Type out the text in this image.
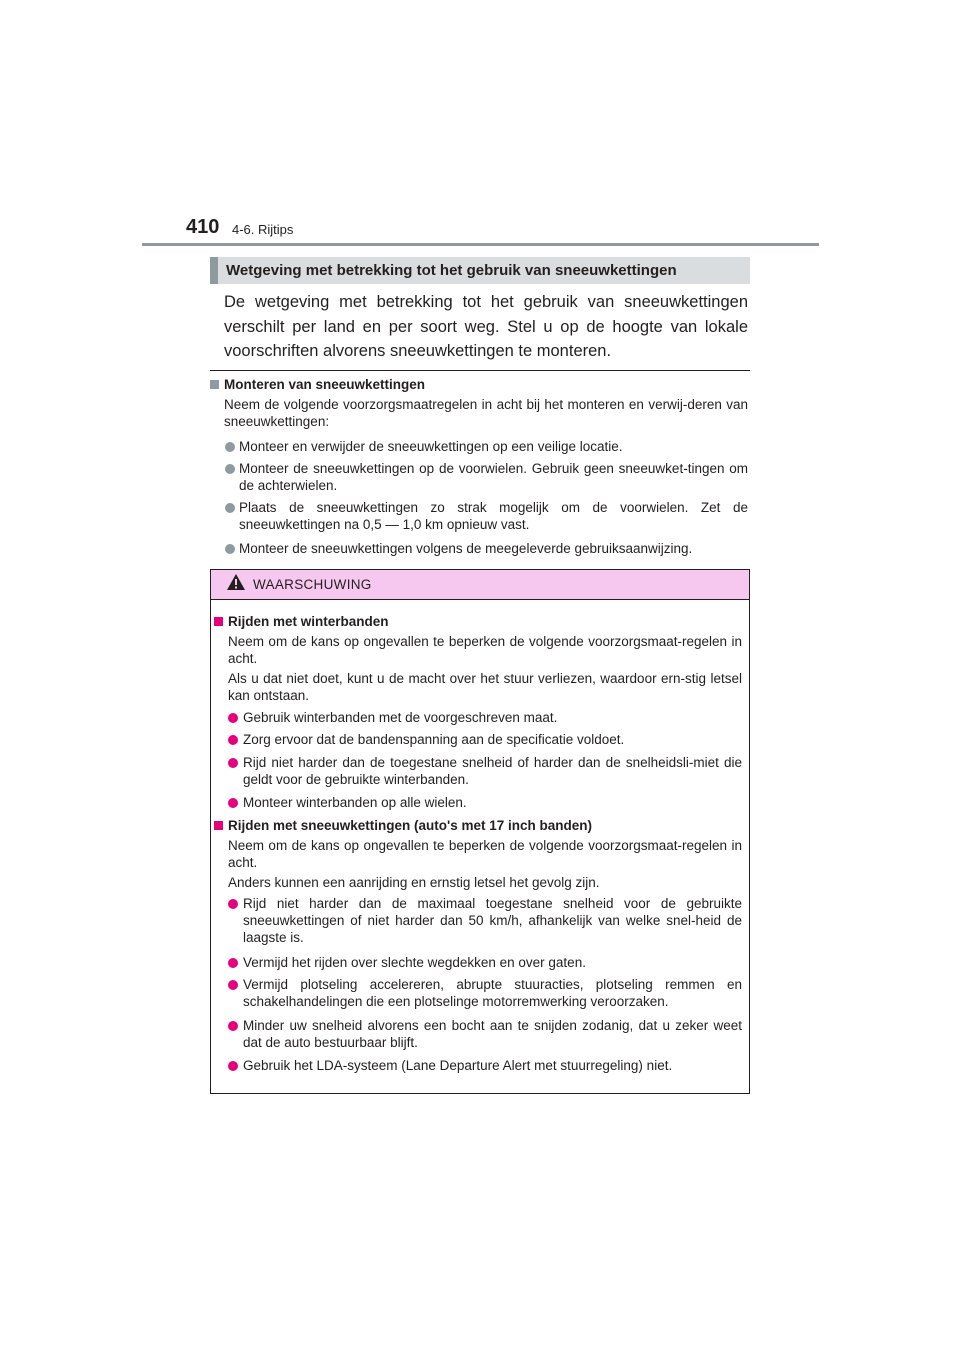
410 4-6. Rijtips
Wetgeving met betrekking tot het gebruik van sneeuwkettingen
De wetgeving met betrekking tot het gebruik van sneeuwkettingen verschilt per land en per soort weg. Stel u op de hoogte van lokale voorschriften alvorens sneeuwkettingen te monteren.
Monteren van sneeuwkettingen
Neem de volgende voorzorgsmaatregelen in acht bij het monteren en verwij-deren van sneeuwkettingen:
Monteer en verwijder de sneeuwkettingen op een veilige locatie.
Monteer de sneeuwkettingen op de voorwielen. Gebruik geen sneeuwket-tingen om de achterwielen.
Plaats de sneeuwkettingen zo strak mogelijk om de voorwielen. Zet de sneeuwkettingen na 0,5 — 1,0 km opnieuw vast.
Monteer de sneeuwkettingen volgens de meegeleverde gebruiksaanwijzing.
WAARSCHUWING
Rijden met winterbanden
Neem om de kans op ongevallen te beperken de volgende voorzorgsmaat-regelen in acht.
Als u dat niet doet, kunt u de macht over het stuur verliezen, waardoor ern-stig letsel kan ontstaan.
Gebruik winterbanden met de voorgeschreven maat.
Zorg ervoor dat de bandenspanning aan de specificatie voldoet.
Rijd niet harder dan de toegestane snelheid of harder dan de snelheidsli-miet die geldt voor de gebruikte winterbanden.
Monteer winterbanden op alle wielen.
Rijden met sneeuwkettingen (auto's met 17 inch banden)
Neem om de kans op ongevallen te beperken de volgende voorzorgsmaat-regelen in acht.
Anders kunnen een aanrijding en ernstig letsel het gevolg zijn.
Rijd niet harder dan de maximaal toegestane snelheid voor de gebruikte sneeuwkettingen of niet harder dan 50 km/h, afhankelijk van welke snel-heid de laagste is.
Vermijd het rijden over slechte wegdekken en over gaten.
Vermijd plotseling accelereren, abrupte stuuracties, plotseling remmen en schakelhandelingen die een plotselinge motorremwerking veroorzaken.
Minder uw snelheid alvorens een bocht aan te snijden zodanig, dat u zeker weet dat de auto bestuurbaar blijft.
Gebruik het LDA-systeem (Lane Departure Alert met stuurregeling) niet.
